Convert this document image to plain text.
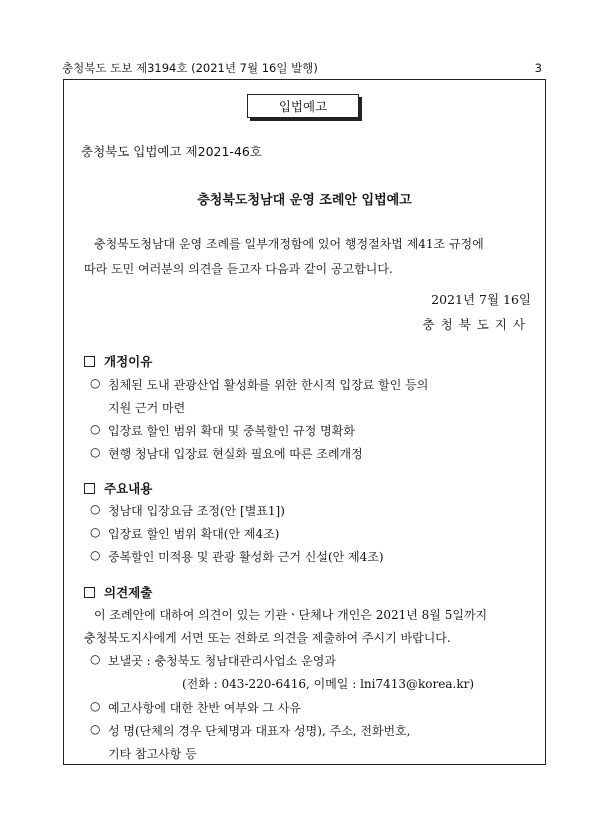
충청북도 도보 제3194호 (2021년 7월 16일 발행)	3
입법예고
충청북도 입법예고 제2021-46호
충청북도청남대 운영 조례안 입법예고
충청북도청남대 운영 조례를 일부개정함에 있어 행정절차법 제41조 규정에
따라 도민 여러분의 의견을 듣고자 다음과 같이 공고합니다.
2021년 7월 16일
충청북도지사
개정이유
○ 침체된 도내 관광산업 활성화를 위한 한시적 입장료 할인 등의
지원 근거 마련
○ 입장료 할인 범위 확대 및 중복할인 규정 명확화
○ 현행 청남대 입장료 현실화 필요에 따른 조례개정
주요내용
○ 청남대 입장요금 조정(안 [별표1])
○ 입장료 할인 범위 확대(안 제4조)
○ 중복할인 미적용 및 관광 활성화 근거 신설(안 제4조)
의견제출
이 조례안에 대하여 의견이 있는 기관ㆍ단체나 개인은 2021년 8월 5일까지
충청북도지사에게 서면 또는 전화로 의견을 제출하여 주시기 바랍니다.
○ 보낼곳 : 충청북도 청남대관리사업소 운영과
(전화 : 043-220-6416, 이메일 : lni7413@korea.kr)
○ 예고사항에 대한 찬반 여부와 그 사유
○ 성 명(단체의 경우 단체명과 대표자 성명), 주소, 전화번호,
기타 참고사항 등
